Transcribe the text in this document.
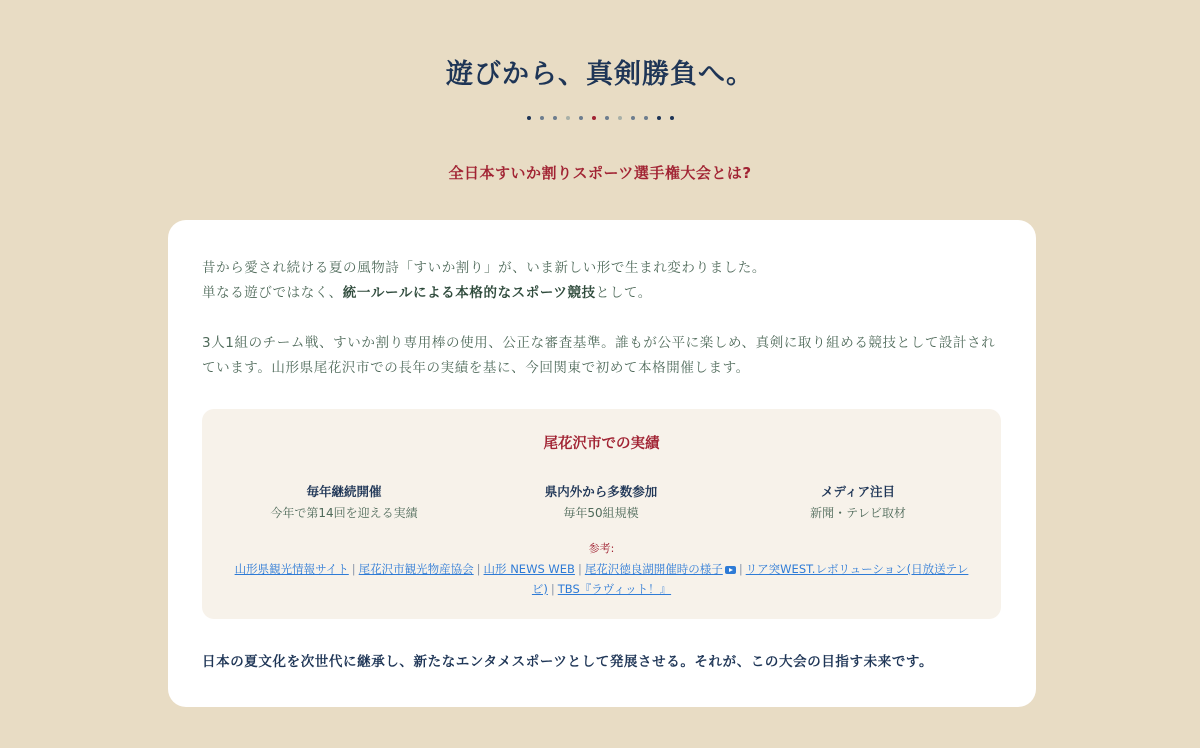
遊びから、真剣勝負へ。
全日本すいか割りスポーツ選手権大会とは?

昔から愛され続ける夏の風物詩「すいか割り」が、いま新しい形で生まれ変わりました。

単なる遊びではなく、統一ルールによる本格的なスポーツ競技として。

3人1組のチーム戦、すいか割り専用棒の使用、公正な審査基準。誰もが公平に楽しめ、真剣に取り組める競技として設計されています。山形県尾花沢市での長年の実績を基に、今回関東で初めて本格開催します。

尾花沢市での実績
毎年継続開催
今年で第14回を迎える実績
県内外から多数参加
毎年50組規模
メディア注目
新聞・テレビ取材
参考:
山形県観光情報サイト | 尾花沢市観光物産協会 | 山形 NEWS WEB | 尾花沢徳良湖開催時の様子 | リア突WEST.レボリューション(日放送テレビ) | TBS『ラヴィット！』

日本の夏文化を次世代に継承し、新たなエンタメスポーツとして発展させる。それが、この大会の目指す未来です。
